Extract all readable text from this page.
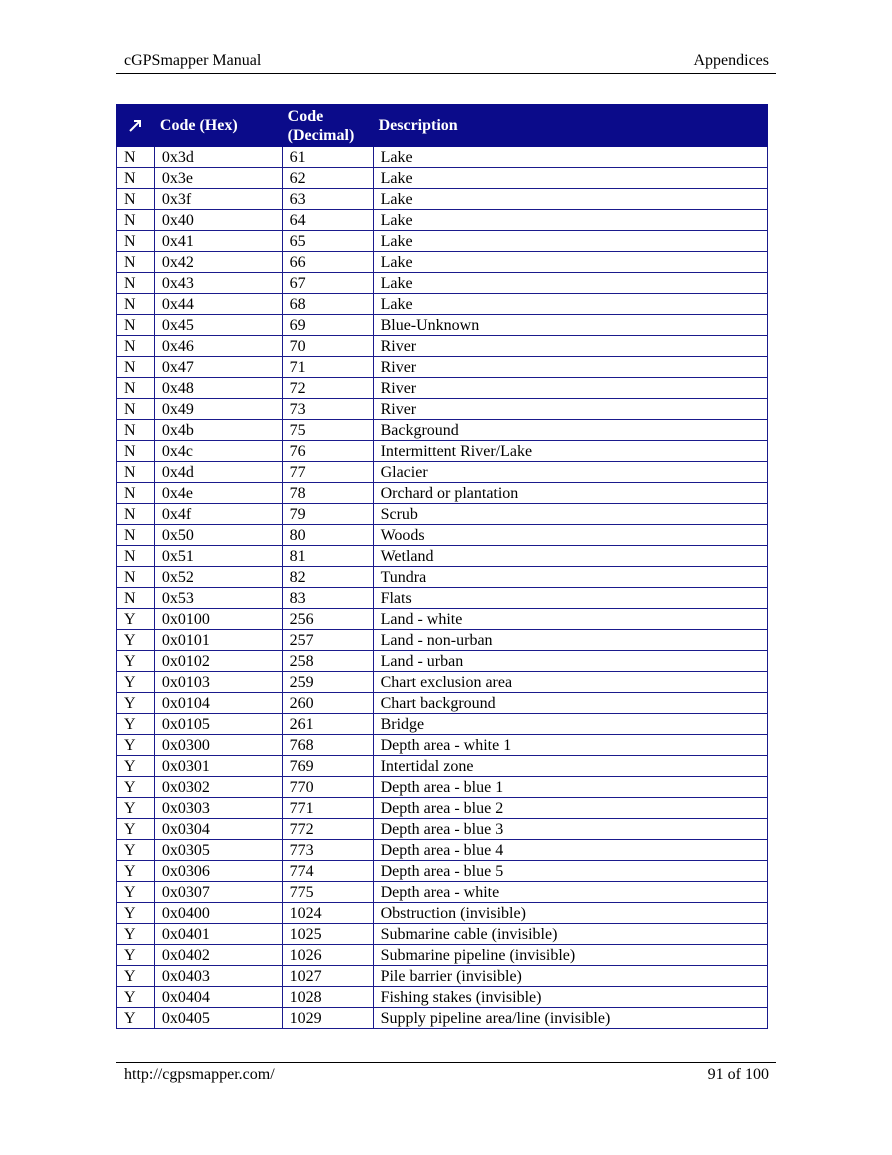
cGPSmapper Manual	Appendices
	Code (Hex)	Code (Decimal)	Description
N	0x3d	61	Lake
N	0x3e	62	Lake
N	0x3f	63	Lake
N	0x40	64	Lake
N	0x41	65	Lake
N	0x42	66	Lake
N	0x43	67	Lake
N	0x44	68	Lake
N	0x45	69	Blue-Unknown
N	0x46	70	River
N	0x47	71	River
N	0x48	72	River
N	0x49	73	River
N	0x4b	75	Background
N	0x4c	76	Intermittent River/Lake
N	0x4d	77	Glacier
N	0x4e	78	Orchard or plantation
N	0x4f	79	Scrub
N	0x50	80	Woods
N	0x51	81	Wetland
N	0x52	82	Tundra
N	0x53	83	Flats
Y	0x0100	256	Land - white
Y	0x0101	257	Land - non-urban
Y	0x0102	258	Land - urban
Y	0x0103	259	Chart exclusion area
Y	0x0104	260	Chart background
Y	0x0105	261	Bridge
Y	0x0300	768	Depth area - white 1
Y	0x0301	769	Intertidal zone
Y	0x0302	770	Depth area - blue 1
Y	0x0303	771	Depth area - blue 2
Y	0x0304	772	Depth area - blue 3
Y	0x0305	773	Depth area - blue 4
Y	0x0306	774	Depth area - blue 5
Y	0x0307	775	Depth area - white
Y	0x0400	1024	Obstruction (invisible)
Y	0x0401	1025	Submarine cable (invisible)
Y	0x0402	1026	Submarine pipeline (invisible)
Y	0x0403	1027	Pile barrier (invisible)
Y	0x0404	1028	Fishing stakes (invisible)
Y	0x0405	1029	Supply pipeline area/line (invisible)
http://cgpsmapper.com/	91 of 100
